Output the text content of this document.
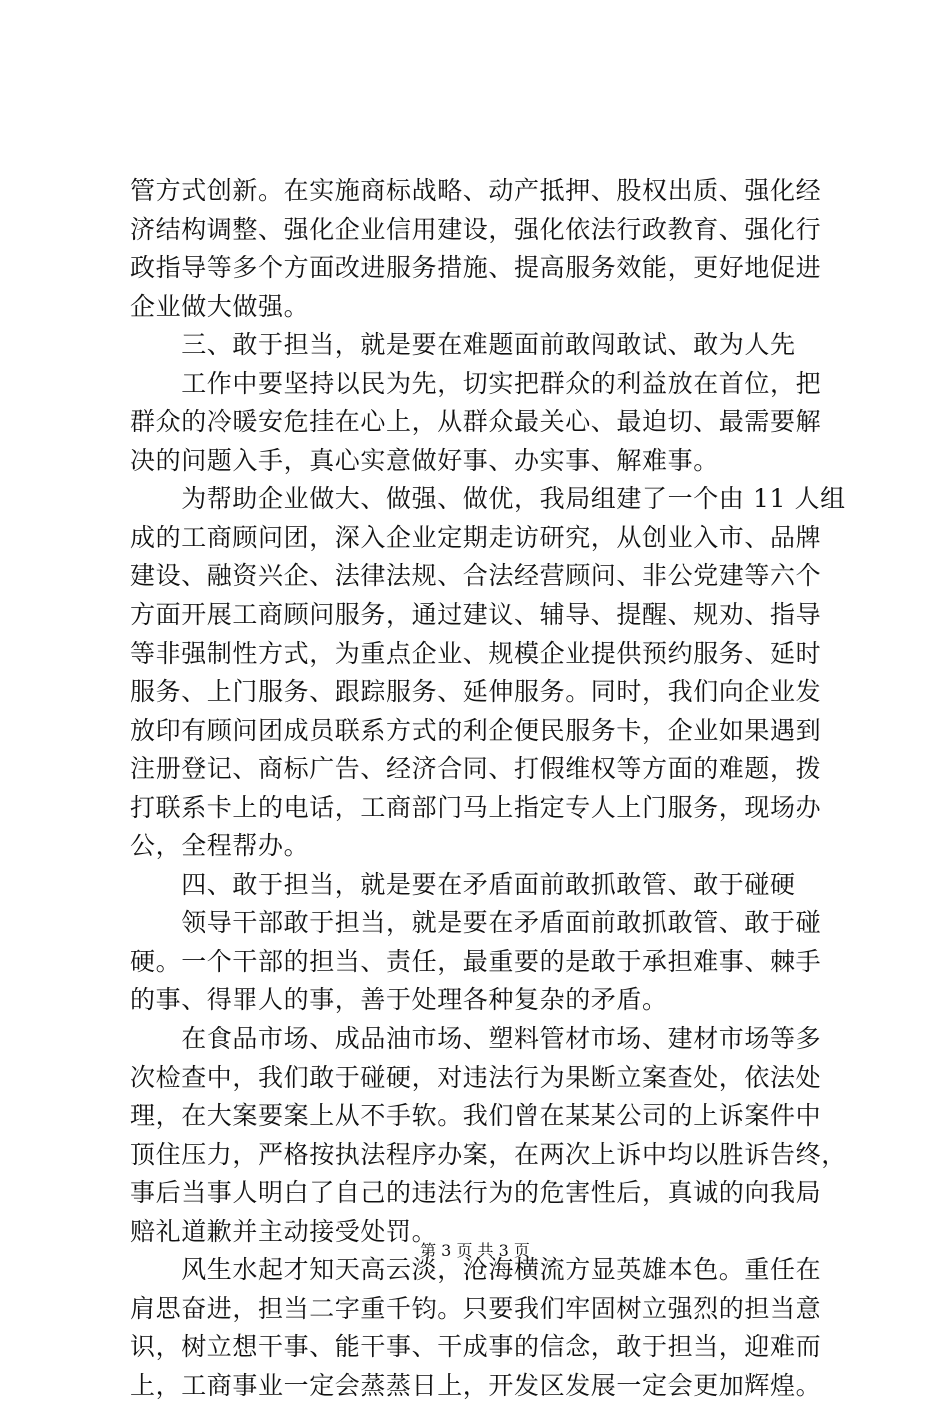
管方式创新。在实施商标战略、动产抵押、股权出质、强化经
济结构调整、强化企业信用建设，强化依法行政教育、强化行
政指导等多个方面改进服务措施、提高服务效能，更好地促进
企业做大做强。
　　三、敢于担当，就是要在难题面前敢闯敢试、敢为人先
　　工作中要坚持以民为先，切实把群众的利益放在首位，把
群众的冷暖安危挂在心上，从群众最关心、最迫切、最需要解
决的问题入手，真心实意做好事、办实事、解难事。
　　为帮助企业做大、做强、做优，我局组建了一个由 11 人组
成的工商顾问团，深入企业定期走访研究，从创业入市、品牌
建设、融资兴企、法律法规、合法经营顾问、非公党建等六个
方面开展工商顾问服务，通过建议、辅导、提醒、规劝、指导
等非强制性方式，为重点企业、规模企业提供预约服务、延时
服务、上门服务、跟踪服务、延伸服务。同时，我们向企业发
放印有顾问团成员联系方式的利企便民服务卡，企业如果遇到
注册登记、商标广告、经济合同、打假维权等方面的难题，拨
打联系卡上的电话，工商部门马上指定专人上门服务，现场办
公，全程帮办。
　　四、敢于担当，就是要在矛盾面前敢抓敢管、敢于碰硬
　　领导干部敢于担当，就是要在矛盾面前敢抓敢管、敢于碰
硬。一个干部的担当、责任，最重要的是敢于承担难事、棘手
的事、得罪人的事，善于处理各种复杂的矛盾。
　　在食品市场、成品油市场、塑料管材市场、建材市场等多
次检查中，我们敢于碰硬，对违法行为果断立案查处，依法处
理，在大案要案上从不手软。我们曾在某某公司的上诉案件中
顶住压力，严格按执法程序办案，在两次上诉中均以胜诉告终，
事后当事人明白了自己的违法行为的危害性后，真诚的向我局
赔礼道歉并主动接受处罚。
　　风生水起才知天高云淡，沧海横流方显英雄本色。重任在
肩思奋进，担当二字重千钧。只要我们牢固树立强烈的担当意
识，树立想干事、能干事、干成事的信念，敢于担当，迎难而
上，工商事业一定会蒸蒸日上，开发区发展一定会更加辉煌。
第 3 页 共 3 页
